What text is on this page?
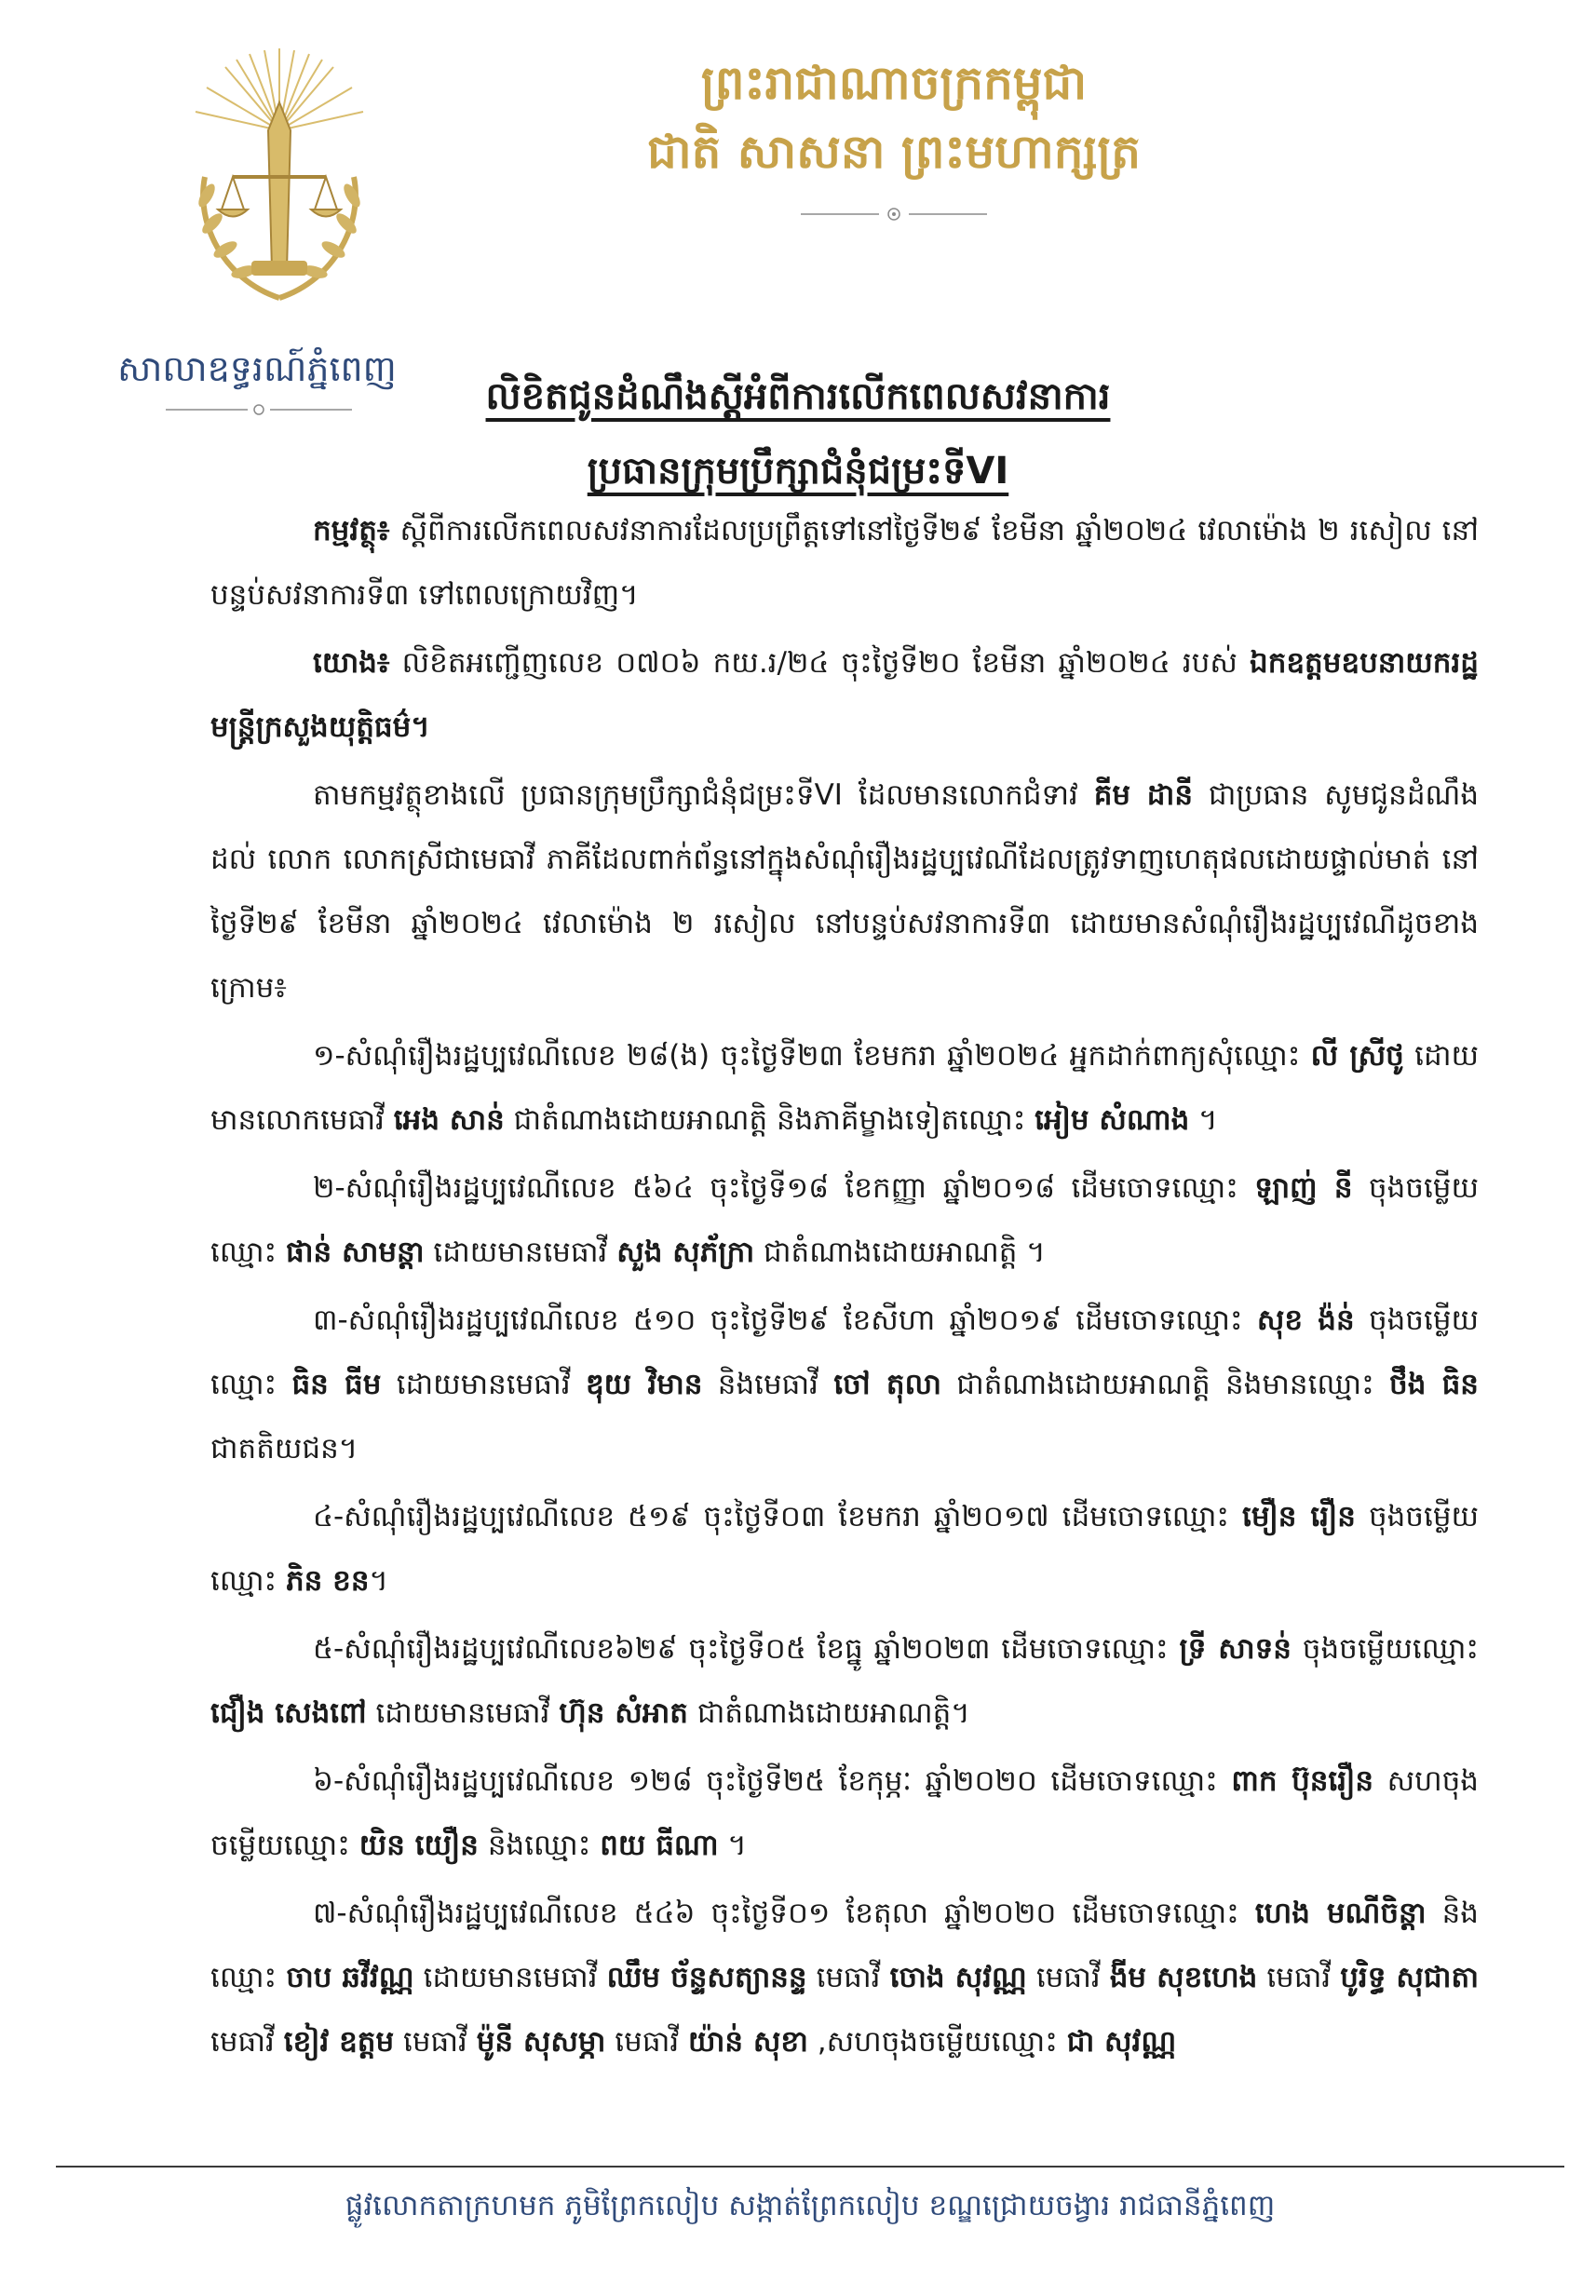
សាលាឧទ្ធរណ៍ភ្នំពេញ
ព្រះរាជាណាចក្រកម្ពុជា
ជាតិ សាសនា ព្រះមហាក្សត្រ
លិខិតជូនដំណឹងស្តីអំពីការលើកពេលសវនាការ
ប្រធានក្រុមប្រឹក្សាជំនុំជម្រះទីVI

កម្មវត្ថុ៖ ស្តីពីការលើកពេលសវនាការដែលប្រព្រឹត្តទៅនៅថ្ងៃទី២៩ ខែមីនា ឆ្នាំ២០២៤ វេលាម៉ោង ២ រសៀល នៅបន្ទប់សវនាការទី៣ ទៅពេលក្រោយវិញ។

យោង៖ លិខិតអញ្ជើញលេខ ០៧០៦ កយ.រ/២៤ ចុះថ្ងៃទី២០ ខែមីនា ឆ្នាំ២០២៤ របស់ ឯកឧត្តមឧបនាយករដ្ឋមន្ត្រីក្រសួងយុត្តិធម៌។

តាមកម្មវត្ថុខាងលើ ប្រធានក្រុមប្រឹក្សាជំនុំជម្រះទីVI ដែលមានលោកជំទាវ គីម ដានី ជាប្រធាន សូមជូនដំណឹងដល់ លោក លោកស្រីជាមេធាវី ភាគីដែលពាក់ព័ន្ធនៅក្នុងសំណុំរឿងរដ្ឋប្បវេណីដែលត្រូវទាញហេតុផលដោយផ្ទាល់មាត់ នៅថ្ងៃទី២៩ ខែមីនា ឆ្នាំ២០២៤ វេលាម៉ោង ២ រសៀល នៅបន្ទប់សវនាការទី៣ ដោយមានសំណុំរឿងរដ្ឋប្បវេណីដូចខាងក្រោម៖

១-សំណុំរឿងរដ្ឋប្បវេណីលេខ ២៨(ង) ចុះថ្ងៃទី២៣ ខែមករា ឆ្នាំ២០២៤ អ្នកដាក់ពាក្យសុំឈ្មោះ លី ស្រីថូ ដោយមានលោកមេធាវី អេង សាន់ ជាតំណាងដោយអាណត្តិ និងភាគីម្ខាងទៀតឈ្មោះ អៀម សំណាង ។

២-សំណុំរឿងរដ្ឋប្បវេណីលេខ ៥៦៤ ចុះថ្ងៃទី១៨ ខែកញ្ញា ឆ្នាំ២០១៨ ដើមចោទឈ្មោះ ឡាញ់ នី ចុងចម្លើយឈ្មោះ ផាន់ សាមន្តា ដោយមានមេធាវី សួង សុភ័ក្រា ជាតំណាងដោយអាណត្តិ ។

៣-សំណុំរឿងរដ្ឋប្បវេណីលេខ ៥១០ ចុះថ្ងៃទី២៩ ខែសីហា ឆ្នាំ២០១៩ ដើមចោទឈ្មោះ សុខ ង៉ន់ ចុងចម្លើយឈ្មោះ ធិន ធីម ដោយមានមេធាវី ឌុយ វិមាន និងមេធាវី ចៅ តុលា ជាតំណាងដោយអាណត្តិ និងមានឈ្មោះ ថឹង ធិន ជាតតិយជន។

៤-សំណុំរឿងរដ្ឋប្បវេណីលេខ ៥១៩ ចុះថ្ងៃទី០៣ ខែមករា ឆ្នាំ២០១៧ ដើមចោទឈ្មោះ មឿន រឿន ចុងចម្លើយឈ្មោះ ភិន ខន។

៥-សំណុំរឿងរដ្ឋប្បវេណីលេខ៦២៩ ចុះថ្ងៃទី០៥ ខែធ្នូ ឆ្នាំ២០២៣ ដើមចោទឈ្មោះ ទ្រី សាទន់ ចុងចម្លើយឈ្មោះ ជឿង សេងពៅ ដោយមានមេធាវី ហ៊ុន សំអាត ជាតំណាងដោយអាណត្តិ។

៦-សំណុំរឿងរដ្ឋប្បវេណីលេខ ១២៨ ចុះថ្ងៃទី២៥ ខែកុម្ភៈ ឆ្នាំ២០២០ ដើមចោទឈ្មោះ ពាក ប៊ុនរឿន សហចុងចម្លើយឈ្មោះ យិន យឿន និងឈ្មោះ ពយ ធីណា ។

៧-សំណុំរឿងរដ្ឋប្បវេណីលេខ ៥៤៦ ចុះថ្ងៃទី០១ ខែតុលា ឆ្នាំ២០២០ ដើមចោទឈ្មោះ ហេង មណីចិន្តា និងឈ្មោះ ចាប ឆវីវណ្ណ ដោយមានមេធាវី ឈឹម ច័ន្ទសត្យានន្ទ មេធាវី ចោង សុវណ្ណ មេធាវី ងីម សុខហេង មេធាវី បូរិទ្ធ សុជាតា មេធាវី ខៀវ ឧត្តម មេធាវី ម៉ូនី សុសម្ភា មេធាវី យ៉ាន់ សុខា ,សហចុងចម្លើយឈ្មោះ ជា សុវណ្ណ

ផ្លូវលោកតាក្រហមក ភូមិព្រែកលៀប សង្កាត់ព្រែកលៀប ខណ្ឌជ្រោយចង្វារ រាជធានីភ្នំពេញ
